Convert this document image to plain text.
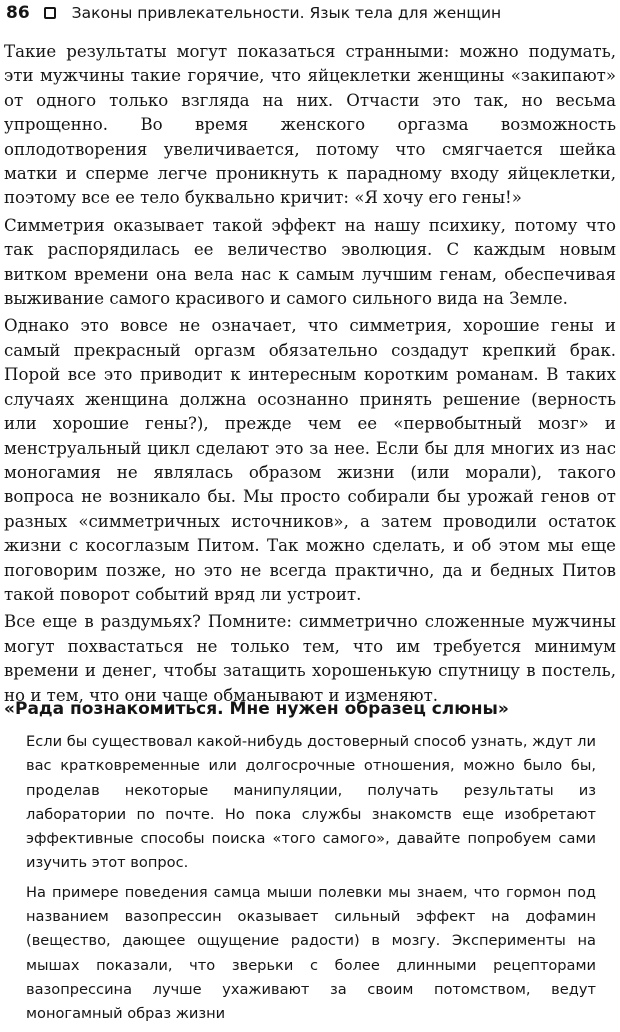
86	Законы привлекательности. Язык тела для женщин

Такие результаты могут показаться странными: можно подумать, эти мужчины такие горячие, что яйцеклетки женщины «закипают» от одного только взгляда на них. Отчасти это так, но весьма упрощенно. Во время женского оргазма возможность оплодотворения увеличивается, потому что смягчается шейка матки и сперме легче проникнуть к парадному входу яйцеклетки, поэтому все ее тело буквально кричит: «Я хочу его гены!»

Симметрия оказывает такой эффект на нашу психику, потому что так распорядилась ее величество эволюция. С каждым новым витком времени она вела нас к самым лучшим генам, обеспечивая выживание самого красивого и самого сильного вида на Земле.

Однако это вовсе не означает, что симметрия, хорошие гены и самый прекрасный оргазм обязательно создадут крепкий брак. Порой все это приводит к интересным коротким романам. В таких случаях женщина должна осознанно принять решение (верность или хорошие гены?), прежде чем ее «первобытный мозг» и менструальный цикл сделают это за нее. Если бы для многих из нас моногамия не являлась образом жизни (или морали), такого вопроса не возникало бы. Мы просто собирали бы урожай генов от разных «симметричных источников», а затем проводили остаток жизни с косоглазым Питом. Так можно сделать, и об этом мы еще поговорим позже, но это не всегда практично, да и бедных Питов такой поворот событий вряд ли устроит.

Все еще в раздумьях? Помните: симметрично сложенные мужчины могут похвастаться не только тем, что им требуется минимум времени и денег, чтобы затащить хорошенькую спутницу в постель, но и тем, что они чаще обманывают и изменяют.

«Рада познакомиться. Мне нужен образец слюны»

Если бы существовал какой-нибудь достоверный способ узнать, ждут ли вас кратковременные или долгосрочные отношения, можно было бы, проделав некоторые манипуляции, получать результаты из лаборатории по почте. Но пока службы знакомств еще изобретают эффективные способы поиска «того самого», давайте попробуем сами изучить этот вопрос.

На примере поведения самца мыши полевки мы знаем, что гормон под названием вазопрессин оказывает сильный эффект на дофамин (вещество, дающее ощущение радости) в мозгу. Эксперименты на мышах показали, что зверьки с более длинными рецепторами вазопрессина лучше ухаживают за своим потомством, ведут моногамный образ жизни
